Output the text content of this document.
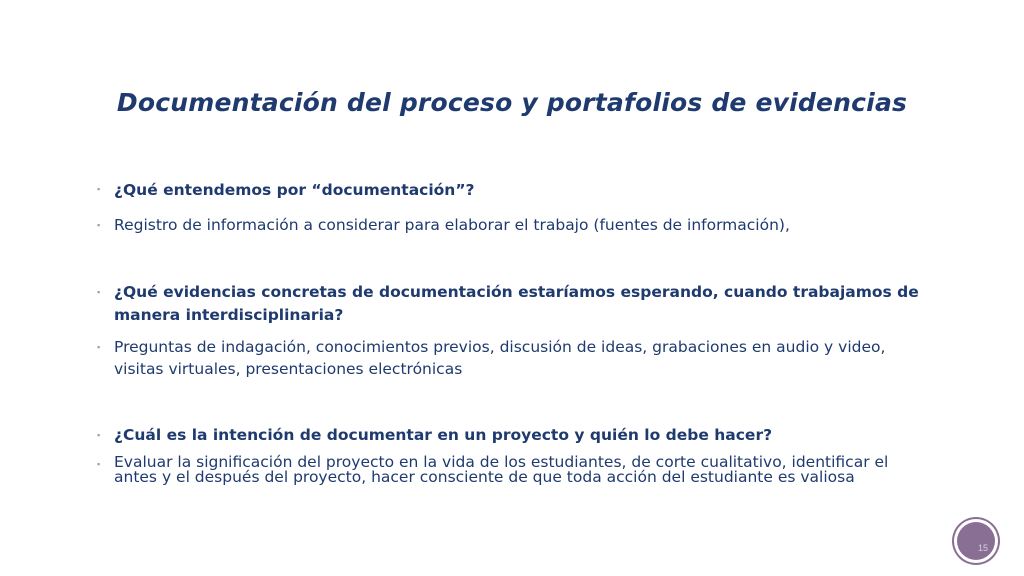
Documentación del proceso y portafolios de evidencias
▪ ¿Qué entendemos por “documentación”?
▪ Registro de información a considerar para elaborar el trabajo (fuentes de información),
▪ ¿Qué evidencias concretas de documentación estaríamos esperando, cuando trabajamos de manera interdisciplinaria?
▪ Preguntas de indagación, conocimientos previos, discusión de ideas, grabaciones en audio y video, visitas virtuales, presentaciones electrónicas
▪ ¿Cuál es la intención de documentar en un proyecto y quién lo debe hacer?
▪ Evaluar la significación del proyecto en la vida de los estudiantes, de corte cualitativo, identificar el antes y el después del proyecto, hacer consciente de que toda acción del estudiante es valiosa
15
